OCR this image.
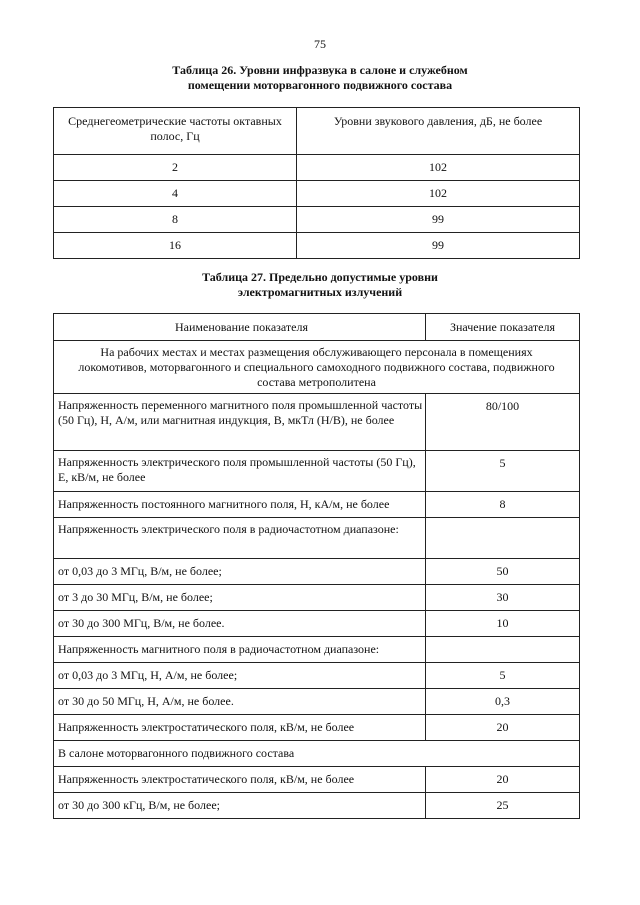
75
Таблица 26. Уровни инфразвука в салоне и служебном
помещении моторвагонного подвижного состава
Среднегеометрические частоты октавных
полос, Гц	Уровни звукового давления, дБ, не более
2	102
4	102
8	99
16	99
Таблица 27. Предельно допустимые уровни
электромагнитных излучений
Наименование показателя	Значение показателя

На рабочих местах и местах размещения обслуживающего персонала в помещениях
локомотивов, моторвагонного и специального самоходного подвижного состава, подвижного
состава метрополитена	

Напряженность переменного магнитного поля промышленной частоты (50 Гц), Н, А/м, или магнитная индукция, В, мкТл (Н/В), не более	80/100
Напряженность электрического поля промышленной частоты (50 Гц), Е, кВ/м, не более	5
Напряженность постоянного магнитного поля, Н, кА/м, не более	8
Напряженность электрического поля в радиочастотном диапазоне:	
от 0,03 до 3 МГц, В/м, не более;	50
от 3 до 30 МГц, В/м, не более;	30
от 30 до 300 МГц, В/м, не более.	10
Напряженность магнитного поля в радиочастотном диапазоне:	
от 0,03 до 3 МГц, Н, А/м, не более;	5
от 30 до 50 МГц, Н, А/м, не более.	0,3
Напряженность электростатического поля, кВ/м, не более	20
В салоне моторвагонного подвижного состава	
Напряженность электростатического поля, кВ/м, не более	20
от 30 до 300 кГц, В/м, не более;	25
